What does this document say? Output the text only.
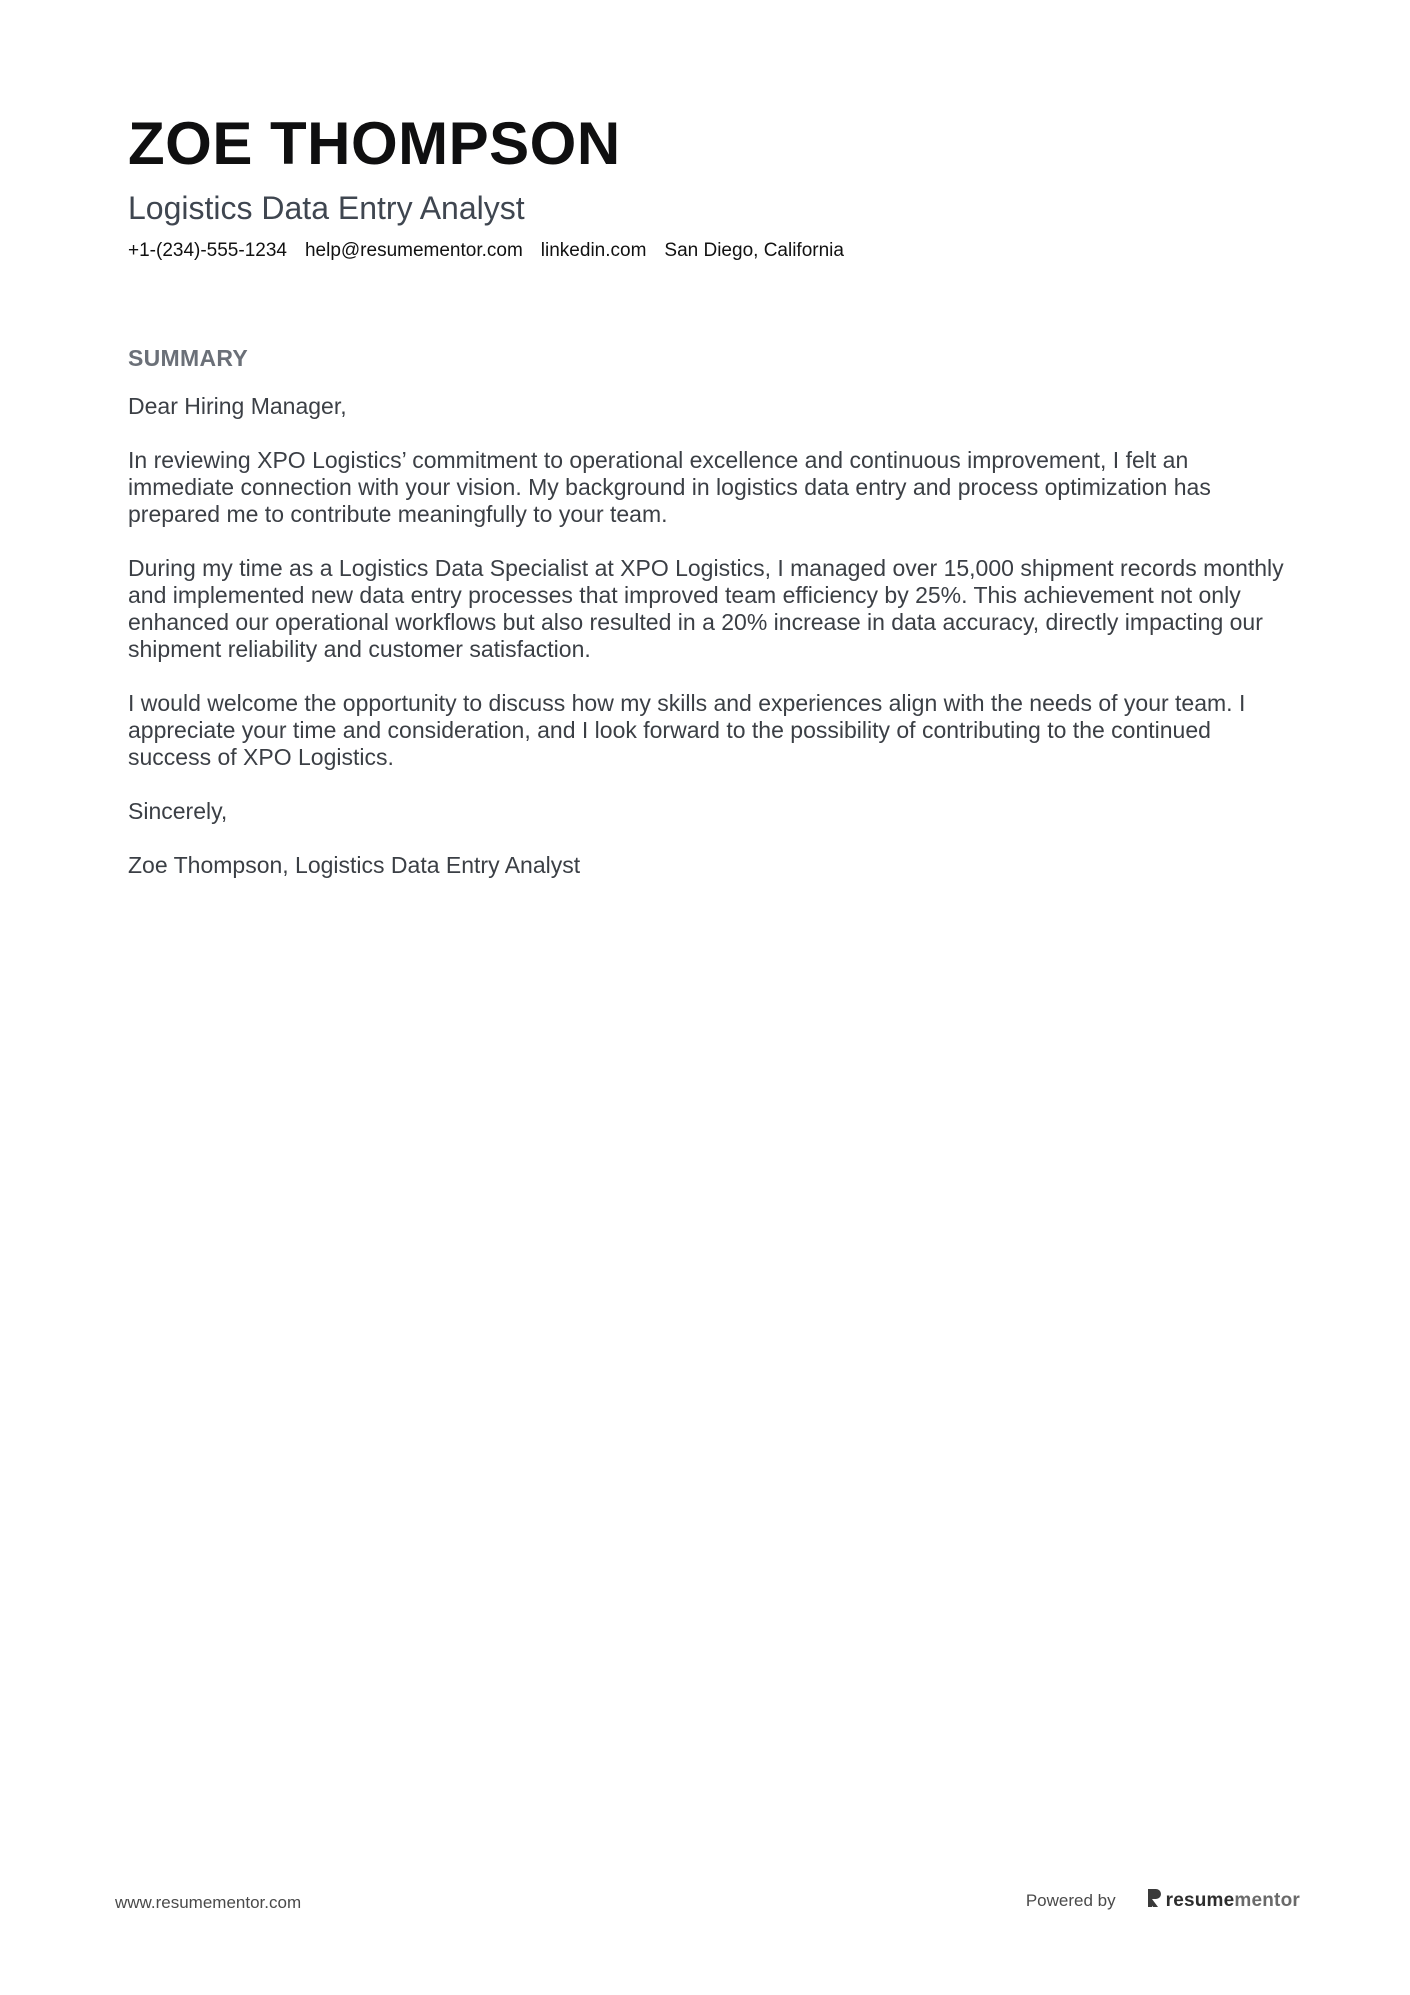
ZOE THOMPSON
Logistics Data Entry Analyst
+1-(234)-555-1234 help@resumementor.com linkedin.com San Diego, California
SUMMARY

Dear Hiring Manager,

In reviewing XPO Logistics’ commitment to operational excellence and continuous improvement, I felt an immediate connection with your vision. My background in logistics data entry and process optimization has prepared me to contribute meaningfully to your team.

During my time as a Logistics Data Specialist at XPO Logistics, I managed over 15,000 shipment records monthly and implemented new data entry processes that improved team efficiency by 25%. This achievement not only enhanced our operational workflows but also resulted in a 20% increase in data accuracy, directly impacting our shipment reliability and customer satisfaction.

I would welcome the opportunity to discuss how my skills and experiences align with the needs of your team. I appreciate your time and consideration, and I look forward to the possibility of contributing to the continued success of XPO Logistics.

Sincerely,

Zoe Thompson, Logistics Data Entry Analyst

www.resumementor.com	Powered by	resumementor
